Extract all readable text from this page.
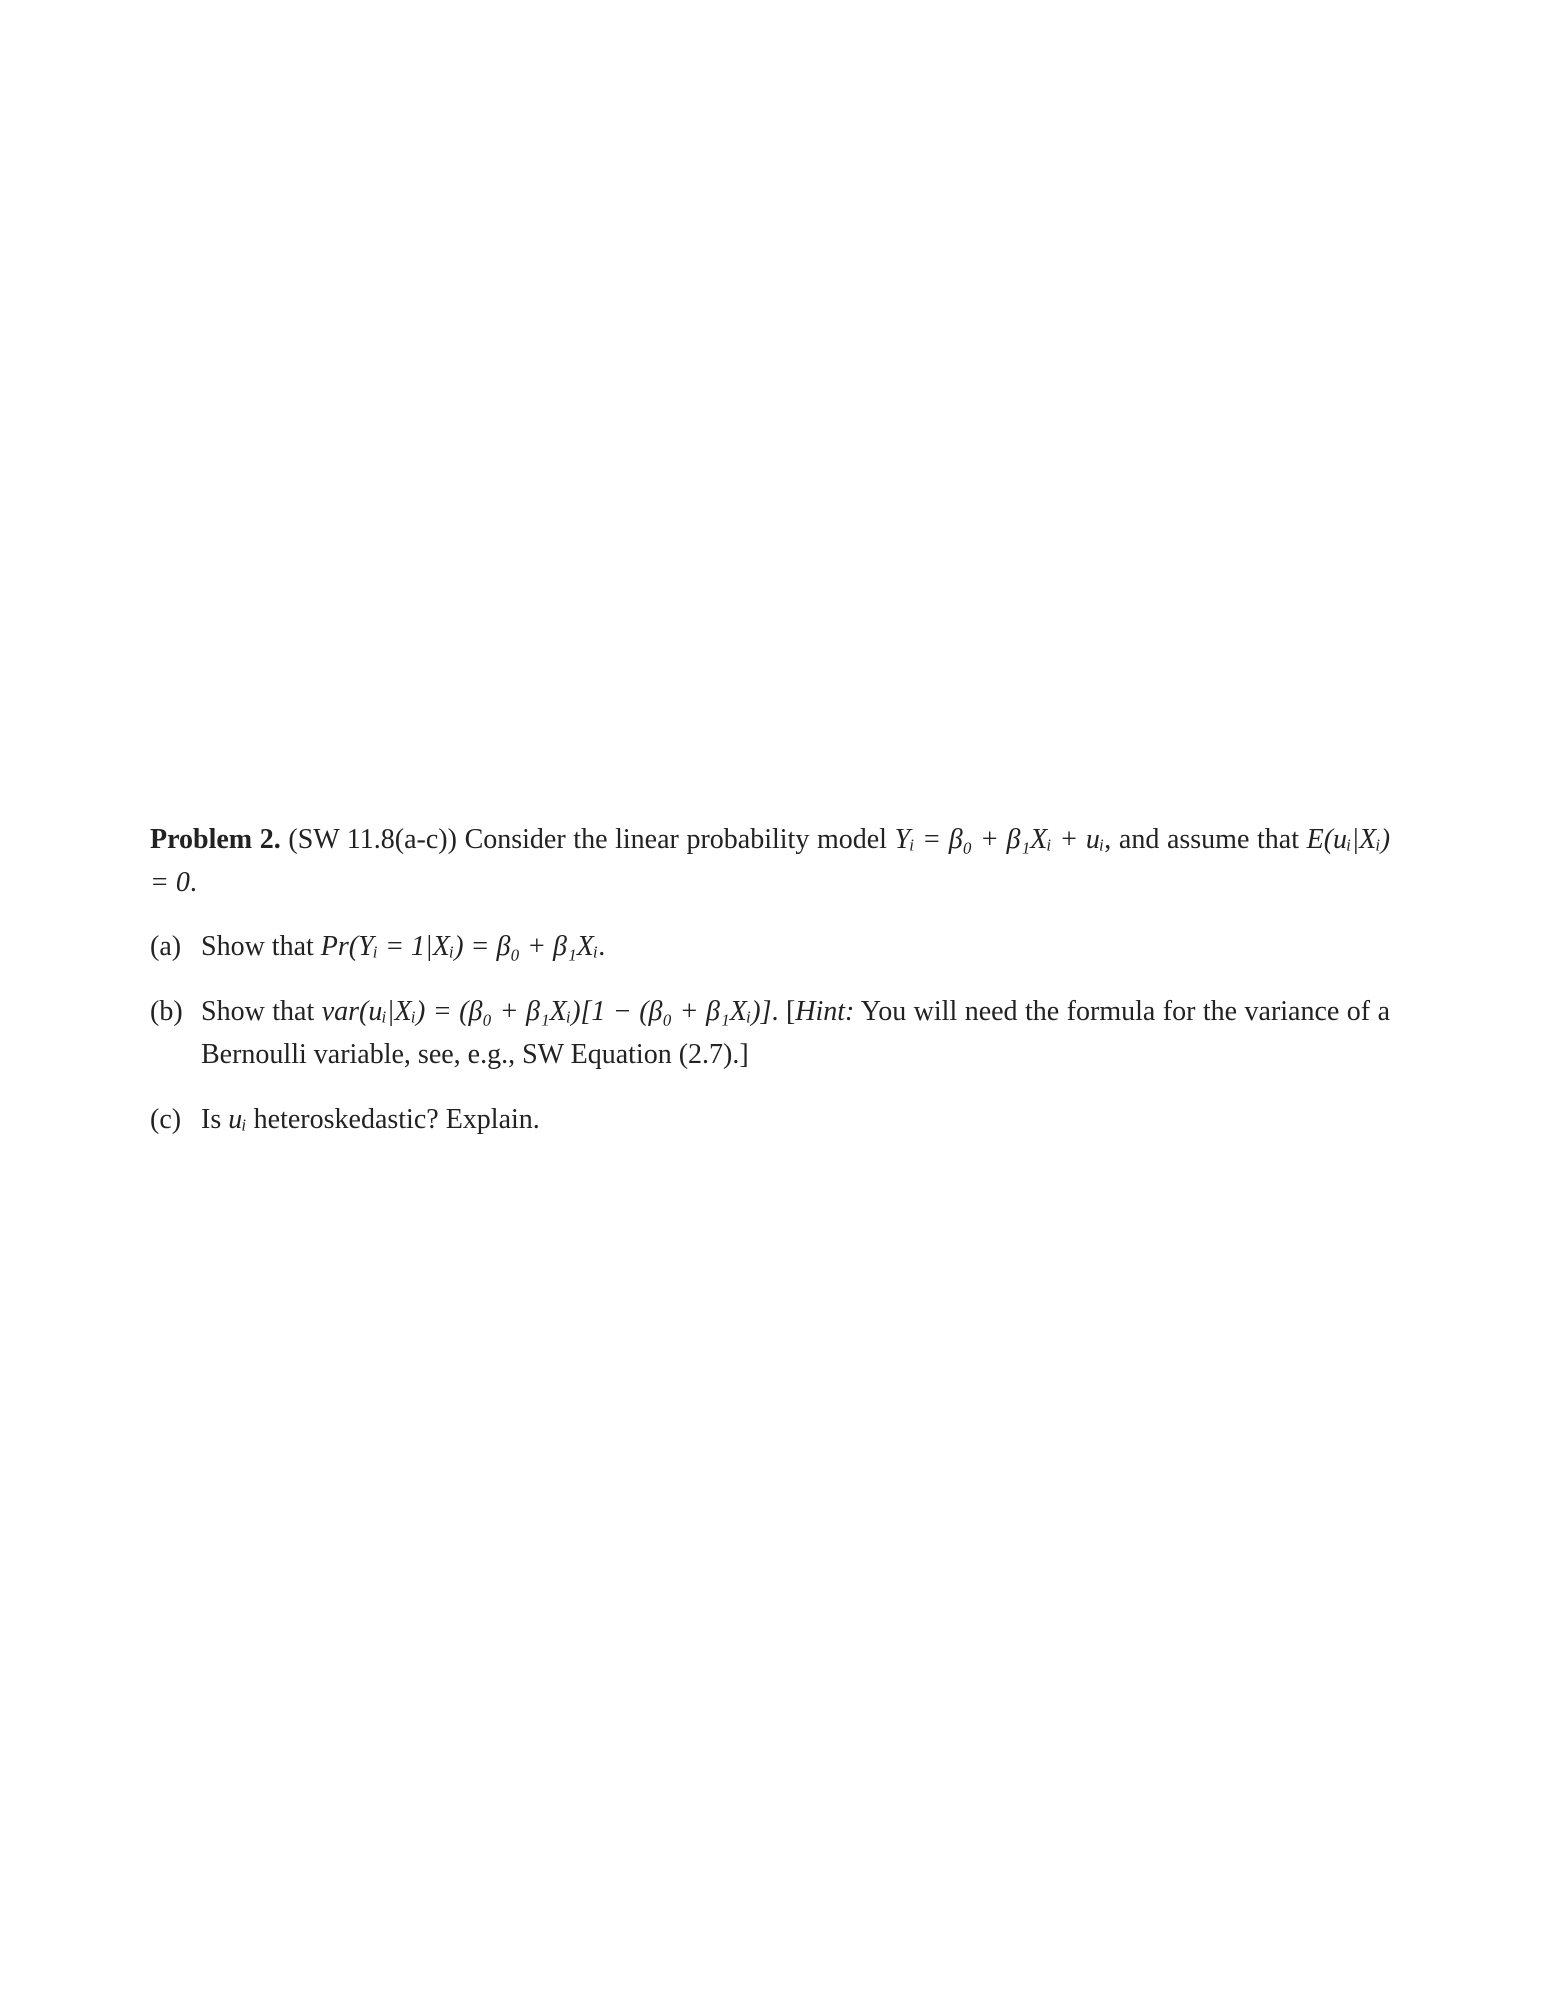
Problem 2. (SW 11.8(a-c)) Consider the linear probability model Yᵢ = β₀ + β₁Xᵢ + uᵢ, and assume that E(uᵢ|Xᵢ) = 0.

(a) Show that Pr(Yᵢ = 1|Xᵢ) = β₀ + β₁Xᵢ.

(b) Show that var(uᵢ|Xᵢ) = (β₀ + β₁Xᵢ)[1 − (β₀ + β₁Xᵢ)]. [Hint: You will need the formula for the variance of a Bernoulli variable, see, e.g., SW Equation (2.7).]

(c) Is uᵢ heteroskedastic? Explain.
